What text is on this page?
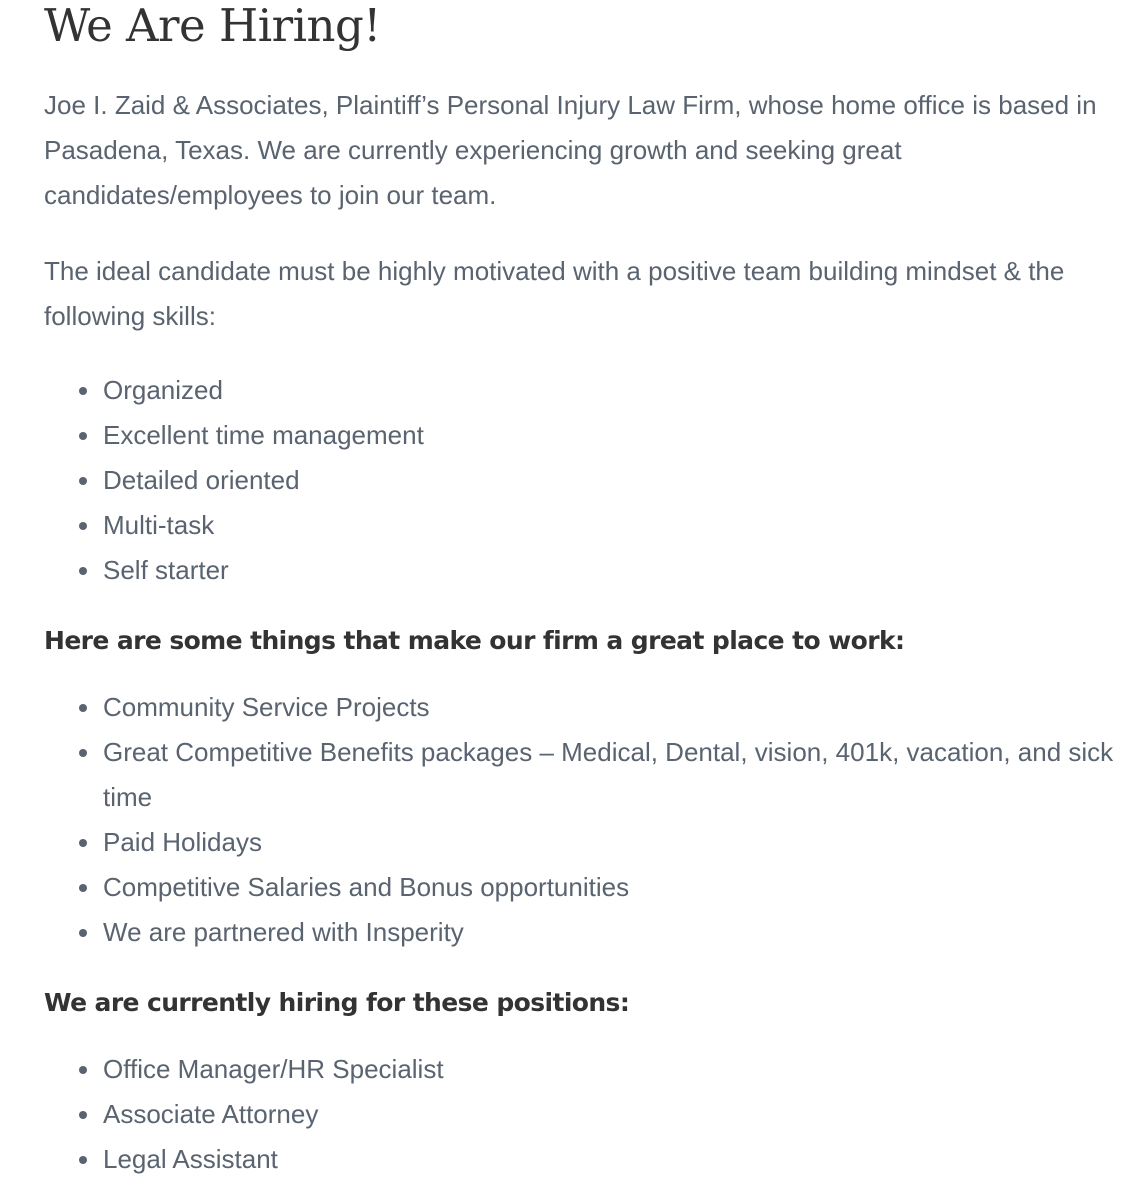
We Are Hiring!

Joe I. Zaid & Associates, Plaintiff’s Personal Injury Law Firm, whose home office is based in Pasadena, Texas. We are currently experiencing growth and seeking great candidates/employees to join our team.

The ideal candidate must be highly motivated with a positive team building mindset & the following skills:

Organized
Excellent time management
Detailed oriented
Multi-task
Self starter
Here are some things that make our firm a great place to work:
Community Service Projects
Great Competitive Benefits packages – Medical, Dental, vision, 401k, vacation, and sick time
Paid Holidays
Competitive Salaries and Bonus opportunities
We are partnered with Insperity
We are currently hiring for these positions:
Office Manager/HR Specialist
Associate Attorney
Legal Assistant
